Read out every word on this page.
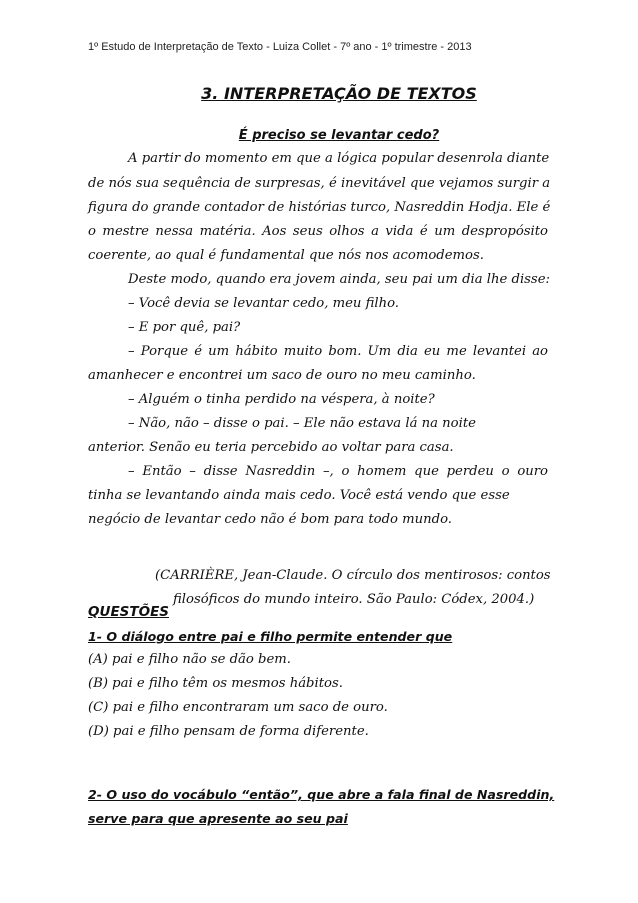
1º Estudo de Interpretação de Texto - Luiza Collet - 7º ano - 1º trimestre - 2013
3. INTERPRETAÇÃO DE TEXTOS
É preciso se levantar cedo?
A partir do momento em que a lógica popular desenrola diante
de nós sua sequência de surpresas, é inevitável que vejamos surgir a
figura do grande contador de histórias turco, Nasreddin Hodja. Ele é
o mestre nessa matéria. Aos seus olhos a vida é um despropósito
coerente, ao qual é fundamental que nós nos acomodemos.
Deste modo, quando era jovem ainda, seu pai um dia lhe disse:
– Você devia se levantar cedo, meu filho.
– E por quê, pai?
– Porque é um hábito muito bom. Um dia eu me levantei ao
amanhecer e encontrei um saco de ouro no meu caminho.
– Alguém o tinha perdido na véspera, à noite?
– Não, não – disse o pai. – Ele não estava lá na noite
anterior. Senão eu teria percebido ao voltar para casa.
– Então – disse Nasreddin –, o homem que perdeu o ouro
tinha se levantando ainda mais cedo. Você está vendo que esse
negócio de levantar cedo não é bom para todo mundo.
(CARRIÈRE, Jean-Claude. O círculo dos mentirosos: contos
filosóficos do mundo inteiro. São Paulo: Códex, 2004.)
QUESTÕES
1- O diálogo entre pai e filho permite entender que
(A) pai e filho não se dão bem.
(B) pai e filho têm os mesmos hábitos.
(C) pai e filho encontraram um saco de ouro.
(D) pai e filho pensam de forma diferente.
2- O uso do vocábulo “então”, que abre a fala final de Nasreddin,
serve para que apresente ao seu pai
